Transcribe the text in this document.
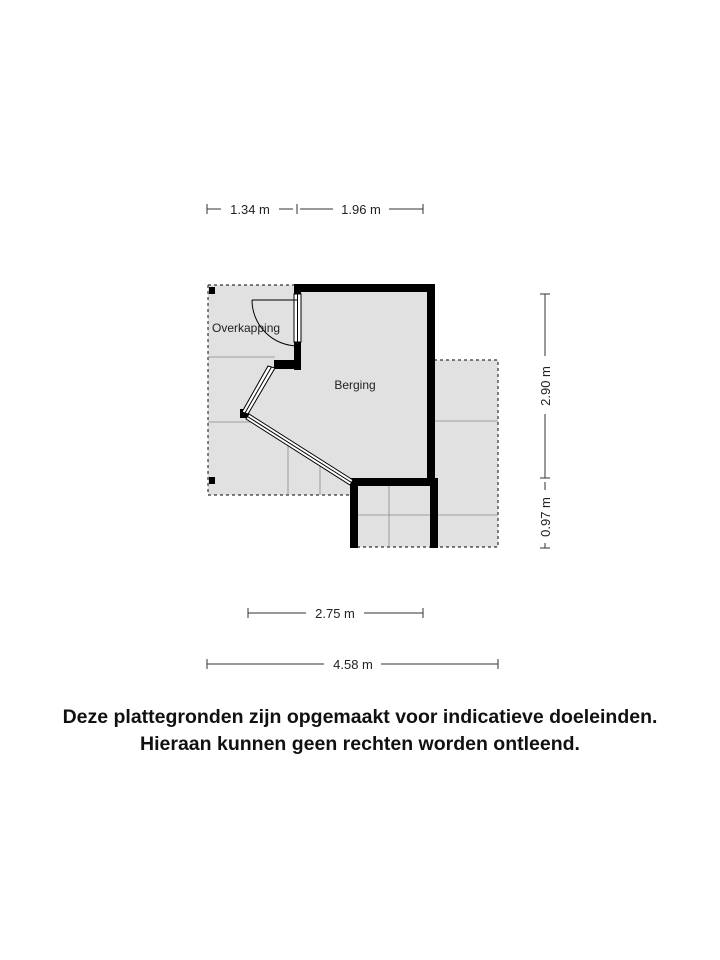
Overkapping
Berging
1.34 m	1.96 m
2.90 m
0.97 m
2.75 m
4.58 m
Deze plattegronden zijn opgemaakt voor indicatieve doeleinden.
Hieraan kunnen geen rechten worden ontleend.
